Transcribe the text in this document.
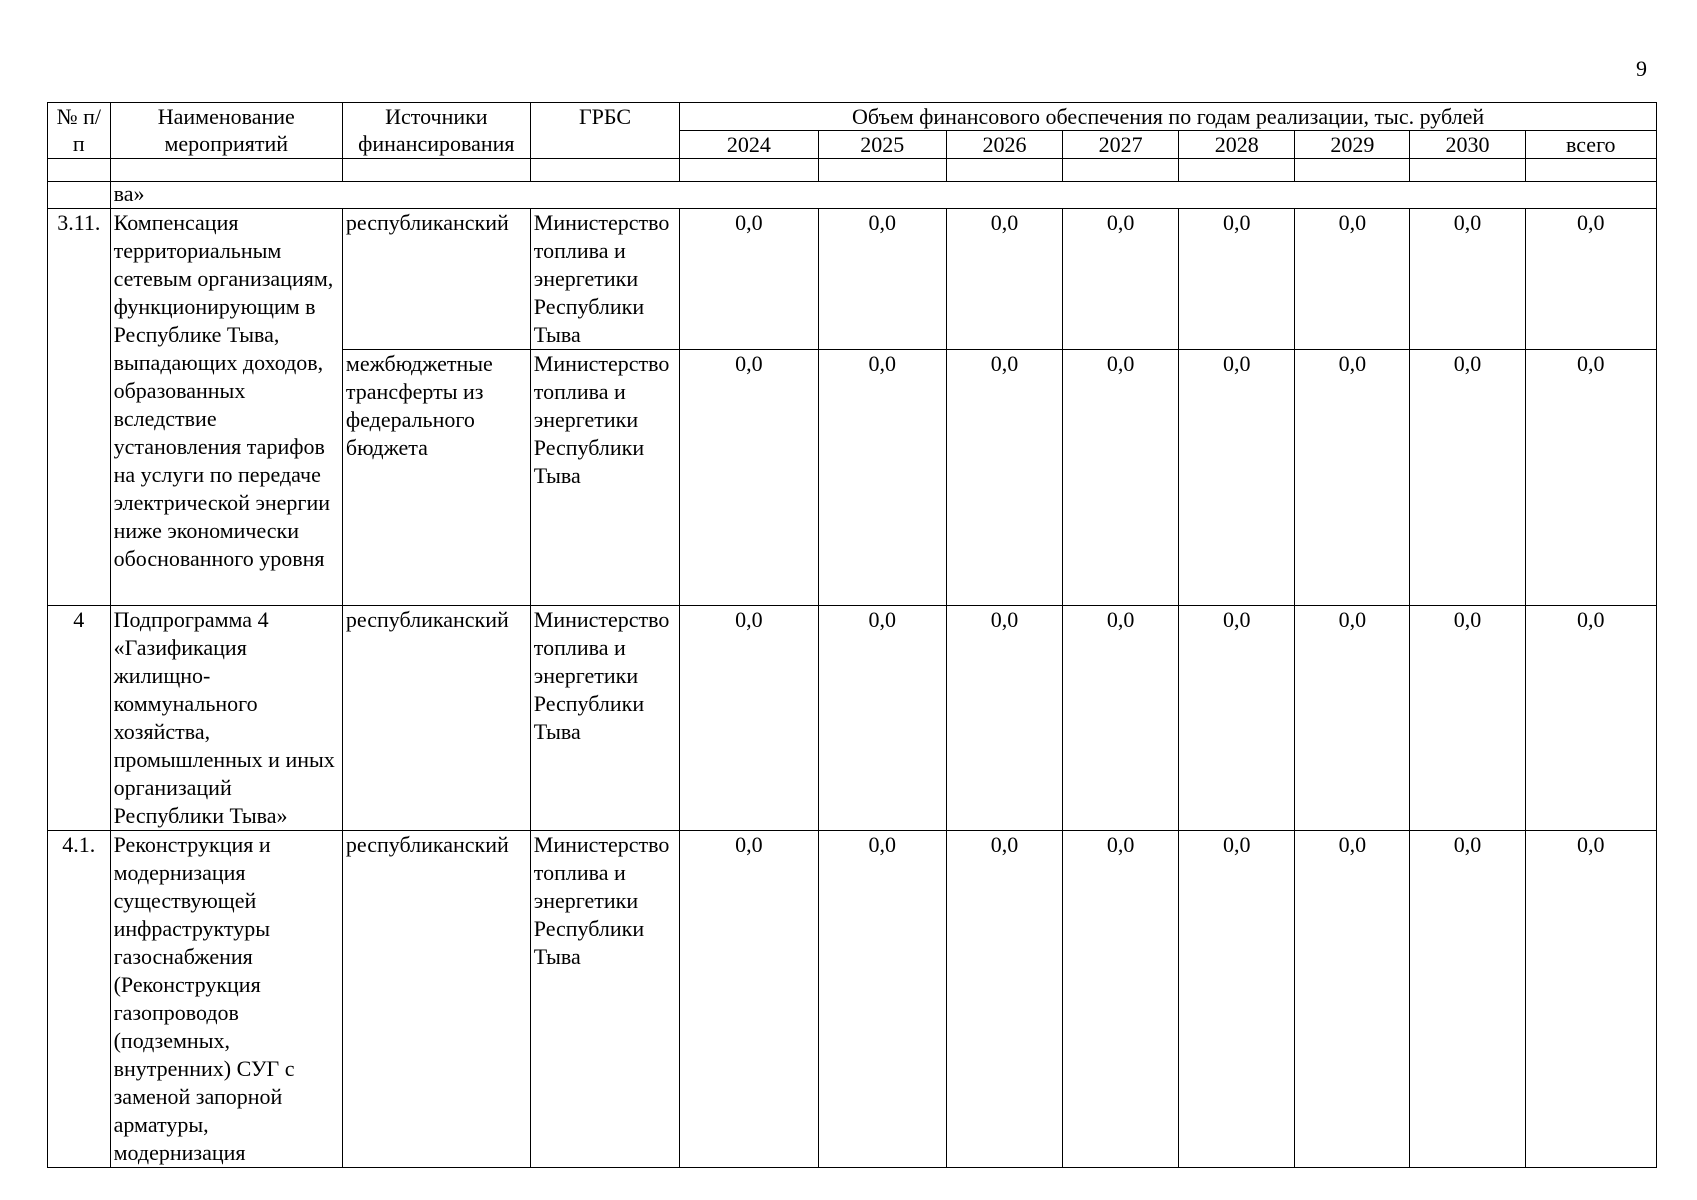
9
№ п/п	Наименование мероприятий	Источники финансирования	ГРБС	Объем финансового обеспечения по годам реализации, тыс. рублей							
				2024	2025	2026	2027	2028	2029	2030	всего

	ва»										
3.11.	Компенсация территориальным сетевым организациям, функционирующим в Республике Тыва, выпадающих доходов, образованных вследствие установления тарифов на услуги по передаче электрической энергии ниже экономически обоснованного уровня	республиканский	Министерство топлива и энергетики Республики Тыва	0,0	0,0	0,0	0,0	0,0	0,0	0,0	0,0
		межбюджетные трансферты из федерального бюджета	Министерство топлива и энергетики Республики Тыва	0,0	0,0	0,0	0,0	0,0	0,0	0,0	0,0
4	Подпрограмма 4 «Газификация жилищно-коммунального хозяйства, промышленных и иных организаций Республики Тыва»	республиканский	Министерство топлива и энергетики Республики Тыва	0,0	0,0	0,0	0,0	0,0	0,0	0,0	0,0
4.1.	Реконструкция и модернизация существующей инфраструктуры газоснабжения (Реконструкция газопроводов (подземных, внутренних) СУГ с заменой запорной арматуры, модернизация	республиканский	Министерство топлива и энергетики Республики Тыва	0,0	0,0	0,0	0,0	0,0	0,0	0,0	0,0
